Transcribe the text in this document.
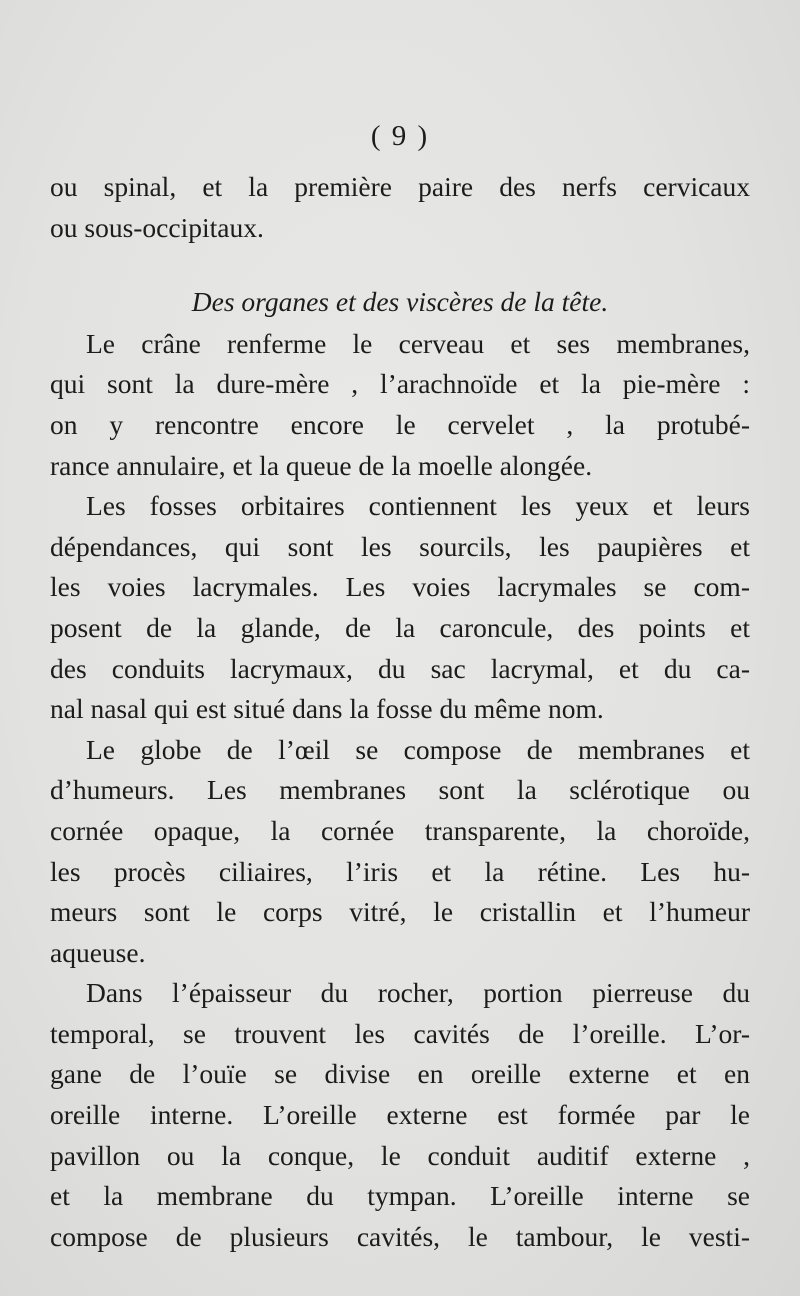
( 9 )
ou spinal, et la première paire des nerfs cervicaux
ou sous-occipitaux.
Des organes et des viscères de la tête.
Le crâne renferme le cerveau et ses membranes,
qui sont la dure-mère , l’arachnoïde et la pie-mère :
on y rencontre encore le cervelet , la protubé-
rance annulaire, et la queue de la moelle alongée.
Les fosses orbitaires contiennent les yeux et leurs
dépendances, qui sont les sourcils, les paupières et
les voies lacrymales. Les voies lacrymales se com-
posent de la glande, de la caroncule, des points et
des conduits lacrymaux, du sac lacrymal, et du ca-
nal nasal qui est situé dans la fosse du même nom.
Le globe de l’œil se compose de membranes et
d’humeurs. Les membranes sont la sclérotique ou
cornée opaque, la cornée transparente, la choroïde,
les procès ciliaires, l’iris et la rétine. Les hu-
meurs sont le corps vitré, le cristallin et l’humeur
aqueuse.
Dans l’épaisseur du rocher, portion pierreuse du
temporal, se trouvent les cavités de l’oreille. L’or-
gane de l’ouïe se divise en oreille externe et en
oreille interne. L’oreille externe est formée par le
pavillon ou la conque, le conduit auditif externe ,
et la membrane du tympan. L’oreille interne se
compose de plusieurs cavités, le tambour, le vesti-
